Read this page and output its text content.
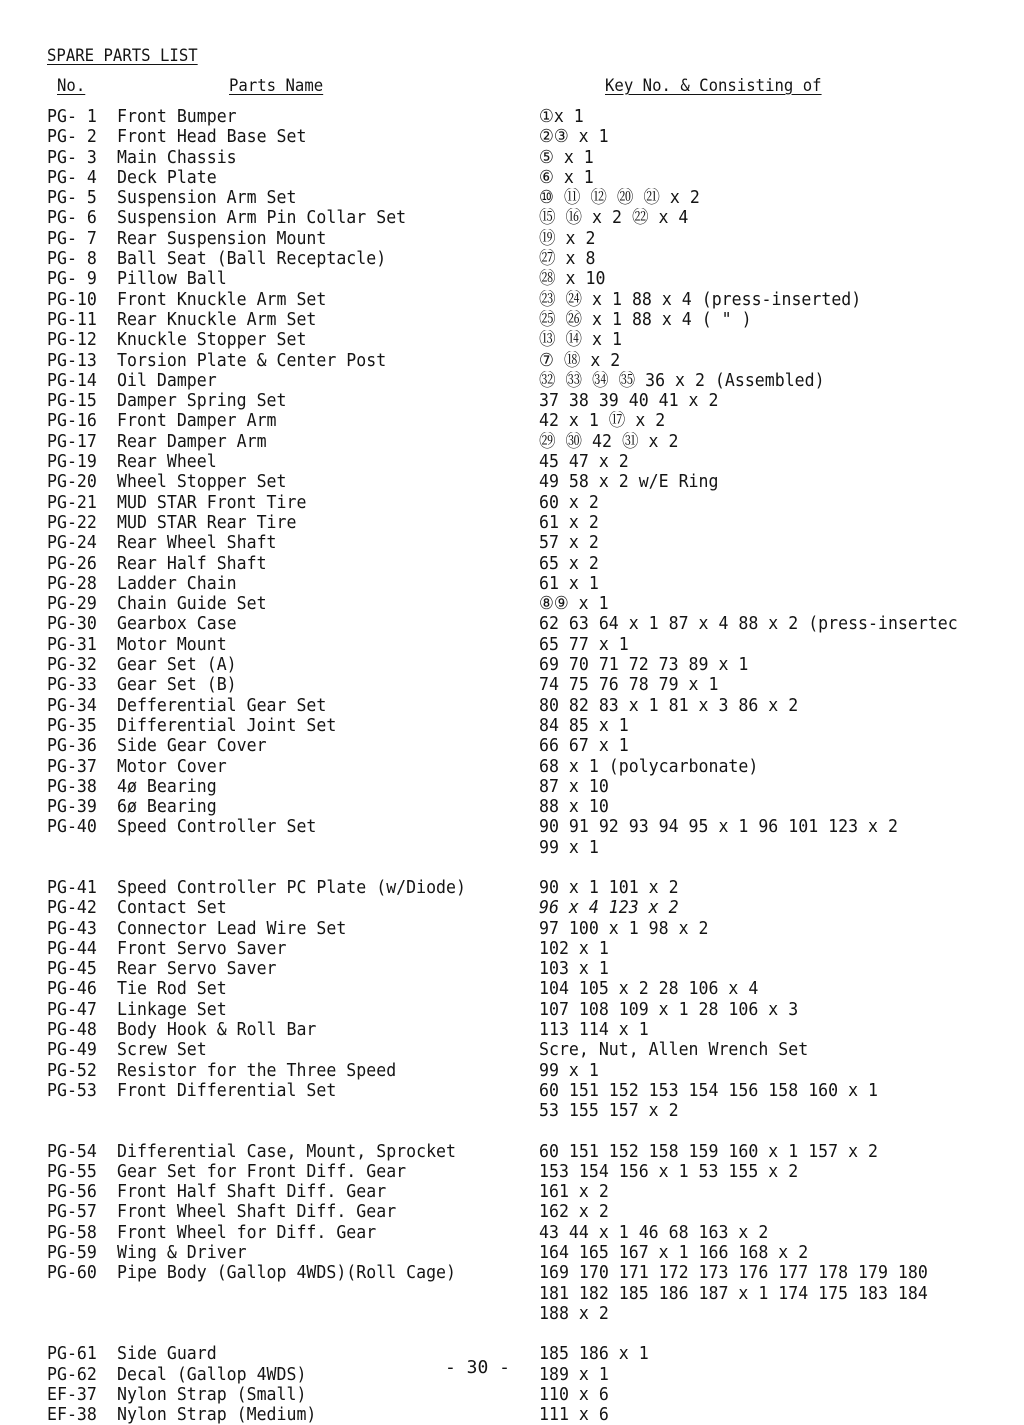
SPARE PARTS LIST
No.	Parts Name	Key No. & Consisting of
PG- 1 Front Bumper	①x 1
PG- 2 Front Head Base Set	②③ x 1
PG- 3 Main Chassis	⑤ x 1
PG- 4 Deck Plate	⑥ x 1
PG- 5 Suspension Arm Set	⑩ ⑪ ⑫ ⑳ ㉑ x 2
PG- 6 Suspension Arm Pin Collar Set	⑮ ⑯ x 2 ㉒ x 4
PG- 7 Rear Suspension Mount	⑲ x 2
PG- 8 Ball Seat (Ball Receptacle)	㉗ x 8
PG- 9 Pillow Ball	㉘ x 10
PG-10 Front Knuckle Arm Set	㉓ ㉔ x 1 88 x 4 (press-inserted)
PG-11 Rear Knuckle Arm Set	㉕ ㉖ x 1 88 x 4 ( " )
PG-12 Knuckle Stopper Set	⑬ ⑭ x 1
PG-13 Torsion Plate & Center Post	⑦ ⑱ x 2
PG-14 Oil Damper	㉜ ㉝ ㉞ ㉟ 36 x 2 (Assembled)
PG-15 Damper Spring Set	37 38 39 40 41 x 2
PG-16 Front Damper Arm	42 x 1 ⑰ x 2
PG-17 Rear Damper Arm	㉙ ㉚ 42 ㉛ x 2
PG-19 Rear Wheel	45 47 x 2
PG-20 Wheel Stopper Set	49 58 x 2 w/E Ring
PG-21 MUD STAR Front Tire	60 x 2
PG-22 MUD STAR Rear Tire	61 x 2
PG-24 Rear Wheel Shaft	57 x 2
PG-26 Rear Half Shaft	65 x 2
PG-28 Ladder Chain	61 x 1
PG-29 Chain Guide Set	⑧⑨ x 1
PG-30 Gearbox Case	62 63 64 x 1 87 x 4 88 x 2 (press-insertec
PG-31 Motor Mount	65 77 x 1
PG-32 Gear Set (A)	69 70 71 72 73 89 x 1
PG-33 Gear Set (B)	74 75 76 78 79 x 1
PG-34 Defferential Gear Set	80 82 83 x 1 81 x 3 86 x 2
PG-35 Differential Joint Set	84 85 x 1
PG-36 Side Gear Cover	66 67 x 1
PG-37 Motor Cover	68 x 1 (polycarbonate)
PG-38 4ø Bearing	87 x 10
PG-39 6ø Bearing	88 x 10
PG-40 Speed Controller Set	90 91 92 93 94 95 x 1 96 101 123 x 2
99 x 1
PG-41 Speed Controller PC Plate (w/Diode)	90 x 1 101 x 2
PG-42 Contact Set	96 x 4 123 x 2
PG-43 Connector Lead Wire Set	97 100 x 1 98 x 2
PG-44 Front Servo Saver	102 x 1
PG-45 Rear Servo Saver	103 x 1
PG-46 Tie Rod Set	104 105 x 2 28 106 x 4
PG-47 Linkage Set	107 108 109 x 1 28 106 x 3
PG-48 Body Hook & Roll Bar	113 114 x 1
PG-49 Screw Set	Scre, Nut, Allen Wrench Set
PG-52 Resistor for the Three Speed	99 x 1
PG-53 Front Differential Set	60 151 152 153 154 156 158 160 x 1
53 155 157 x 2
PG-54 Differential Case, Mount, Sprocket	60 151 152 158 159 160 x 1 157 x 2
PG-55 Gear Set for Front Diff. Gear	153 154 156 x 1 53 155 x 2
PG-56 Front Half Shaft Diff. Gear	161 x 2
PG-57 Front Wheel Shaft Diff. Gear	162 x 2
PG-58 Front Wheel for Diff. Gear	43 44 x 1 46 68 163 x 2
PG-59 Wing & Driver	164 165 167 x 1 166 168 x 2
PG-60 Pipe Body (Gallop 4WDS)(Roll Cage)	169 170 171 172 173 176 177 178 179 180
181 182 185 186 187 x 1 174 175 183 184
188 x 2
PG-61 Side Guard	185 186 x 1
PG-62 Decal (Gallop 4WDS)	189 x 1
EF-37 Nylon Strap (Small)	110 x 6
EF-38 Nylon Strap (Medium)	111 x 6
- 30 -
